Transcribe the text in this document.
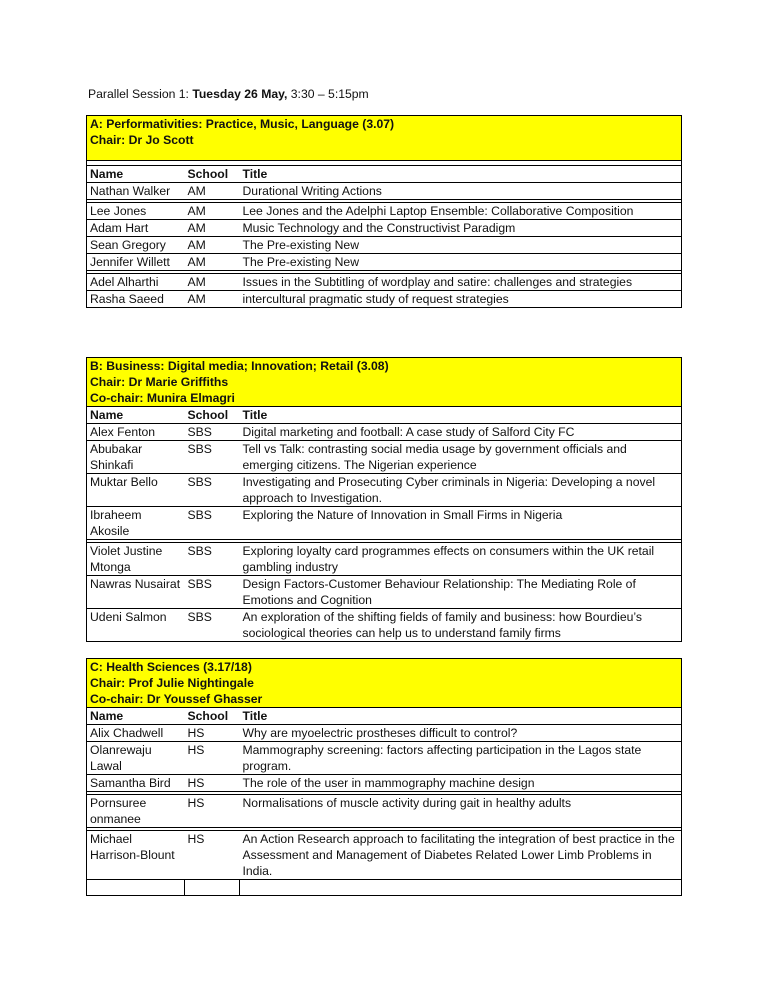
Parallel Session 1: Tuesday 26 May, 3:30 – 5:15pm
A: Performativities: Practice, Music, Language (3.07)
Chair: Dr Jo Scott		

Name	School	Title
Nathan Walker	AM	Durational Writing Actions

Lee Jones	AM	Lee Jones and the Adelphi Laptop Ensemble: Collaborative Composition
Adam Hart	AM	Music Technology and the Constructivist Paradigm
Sean Gregory	AM	The Pre-existing New
Jennifer Willett	AM	The Pre-existing New

Adel Alharthi	AM	Issues in the Subtitling of wordplay and satire: challenges and strategies
Rasha Saeed	AM	intercultural pragmatic study of request strategies
B: Business: Digital media; Innovation; Retail (3.08)
Chair: Dr Marie Griffiths
Co-chair: Munira Elmagri		

Name	School	Title
Alex Fenton	SBS	Digital marketing and football: A case study of Salford City FC
Abubakar Shinkafi	SBS	Tell vs Talk: contrasting social media usage by government officials and emerging citizens. The Nigerian experience
Muktar Bello	SBS	Investigating and Prosecuting Cyber criminals in Nigeria: Developing a novel approach to Investigation.
Ibraheem Akosile	SBS	Exploring the Nature of Innovation in Small Firms in Nigeria

Violet Justine Mtonga	SBS	Exploring loyalty card programmes effects on consumers within the UK retail gambling industry
Nawras Nusairat	SBS	Design Factors-Customer Behaviour Relationship: The Mediating Role of Emotions and Cognition
Udeni Salmon	SBS	An exploration of the shifting fields of family and business: how Bourdieu’s sociological theories can help us to understand family firms
C: Health Sciences (3.17/18)
Chair: Prof Julie Nightingale
Co-chair: Dr Youssef Ghasser		

Name	School	Title
Alix Chadwell	HS	Why are myoelectric prostheses difficult to control?
Olanrewaju Lawal	HS	Mammography screening: factors affecting participation in the Lagos state program.
Samantha Bird	HS	The role of the user in mammography machine design

Pornsuree onmanee	HS	Normalisations of muscle activity during gait in healthy adults

Michael Harrison-Blount	HS	An Action Research approach to facilitating the integration of best practice in the Assessment and Management of Diabetes Related Lower Limb Problems in India.
